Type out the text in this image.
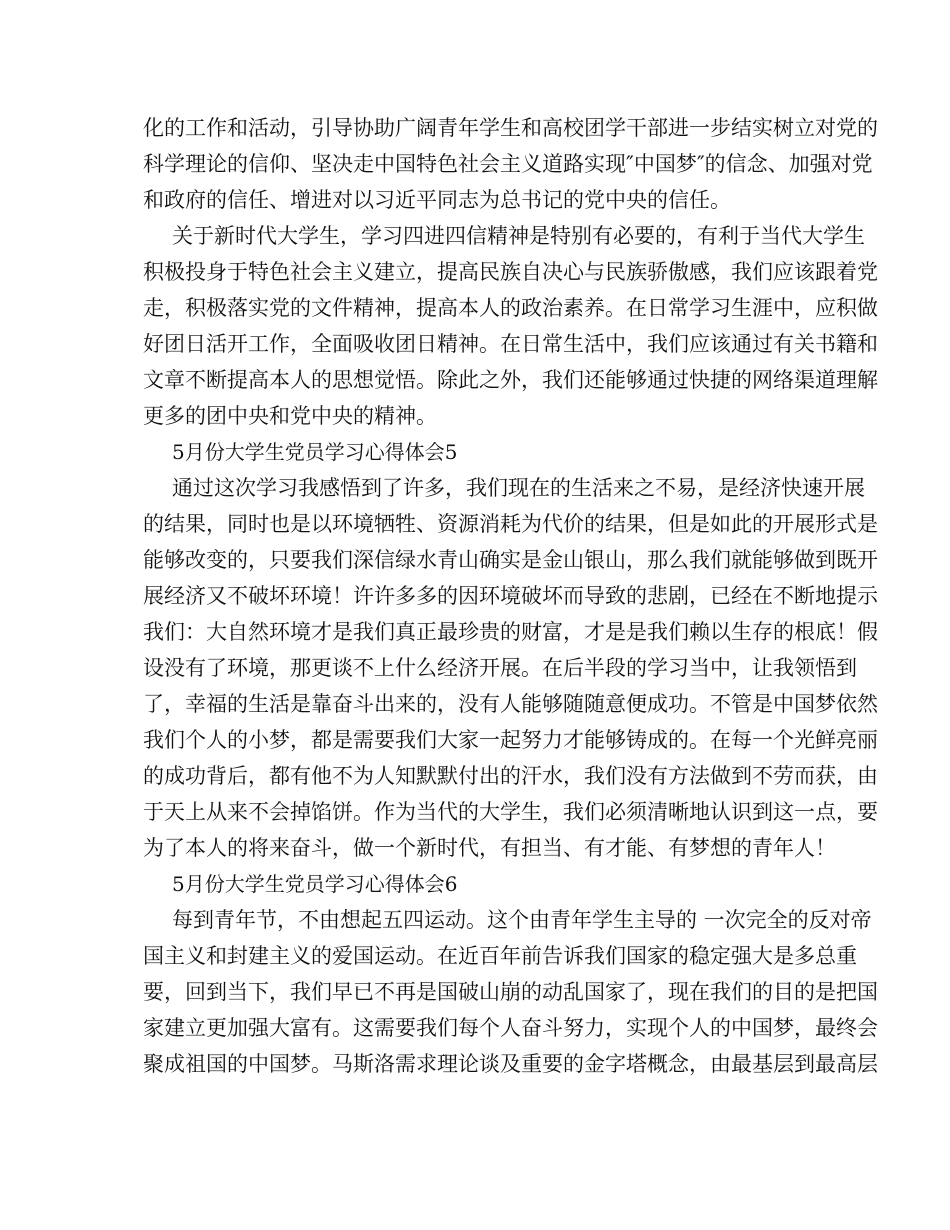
化的工作和活动，引导协助广阔青年学生和高校团学干部进一步结实树立对党的
科学理论的信仰、坚决走中国特色社会主义道路实现″中国梦″的信念、加强对党
和政府的信任、增进对以习近平同志为总书记的党中央的信任。
关于新时代大学生，学习四进四信精神是特别有必要的，有利于当代大学生
积极投身于特色社会主义建立，提高民族自决心与民族骄傲感，我们应该跟着党
走，积极落实党的文件精神，提高本人的政治素养。在日常学习生涯中，应积做
好团日活开工作，全面吸收团日精神。在日常生活中，我们应该通过有关书籍和
文章不断提高本人的思想觉悟。除此之外，我们还能够通过快捷的网络渠道理解
更多的团中央和党中央的精神。
5月份大学生党员学习心得体会5
通过这次学习我感悟到了许多，我们现在的生活来之不易，是经济快速开展
的结果，同时也是以环境牺牲、资源消耗为代价的结果，但是如此的开展形式是
能够改变的，只要我们深信绿水青山确实是金山银山，那么我们就能够做到既开
展经济又不破坏环境！许许多多的因环境破坏而导致的悲剧，已经在不断地提示
我们：大自然环境才是我们真正最珍贵的财富，才是是我们赖以生存的根底！假
设没有了环境，那更谈不上什么经济开展。在后半段的学习当中，让我领悟到
了，幸福的生活是靠奋斗出来的，没有人能够随随意便成功。不管是中国梦依然
我们个人的小梦，都是需要我们大家一起努力才能够铸成的。在每一个光鲜亮丽
的成功背后，都有他不为人知默默付出的汗水，我们没有方法做到不劳而获，由
于天上从来不会掉馅饼。作为当代的大学生，我们必须清晰地认识到这一点，要
为了本人的将来奋斗，做一个新时代，有担当、有才能、有梦想的青年人！
5月份大学生党员学习心得体会6
每到青年节，不由想起五四运动。这个由青年学生主导的 一次完全的反对帝
国主义和封建主义的爱国运动。在近百年前告诉我们国家的稳定强大是多总重
要，回到当下，我们早已不再是国破山崩的动乱国家了，现在我们的目的是把国
家建立更加强大富有。这需要我们每个人奋斗努力，实现个人的中国梦，最终会
聚成祖国的中国梦。马斯洛需求理论谈及重要的金字塔概念，由最基层到最高层
